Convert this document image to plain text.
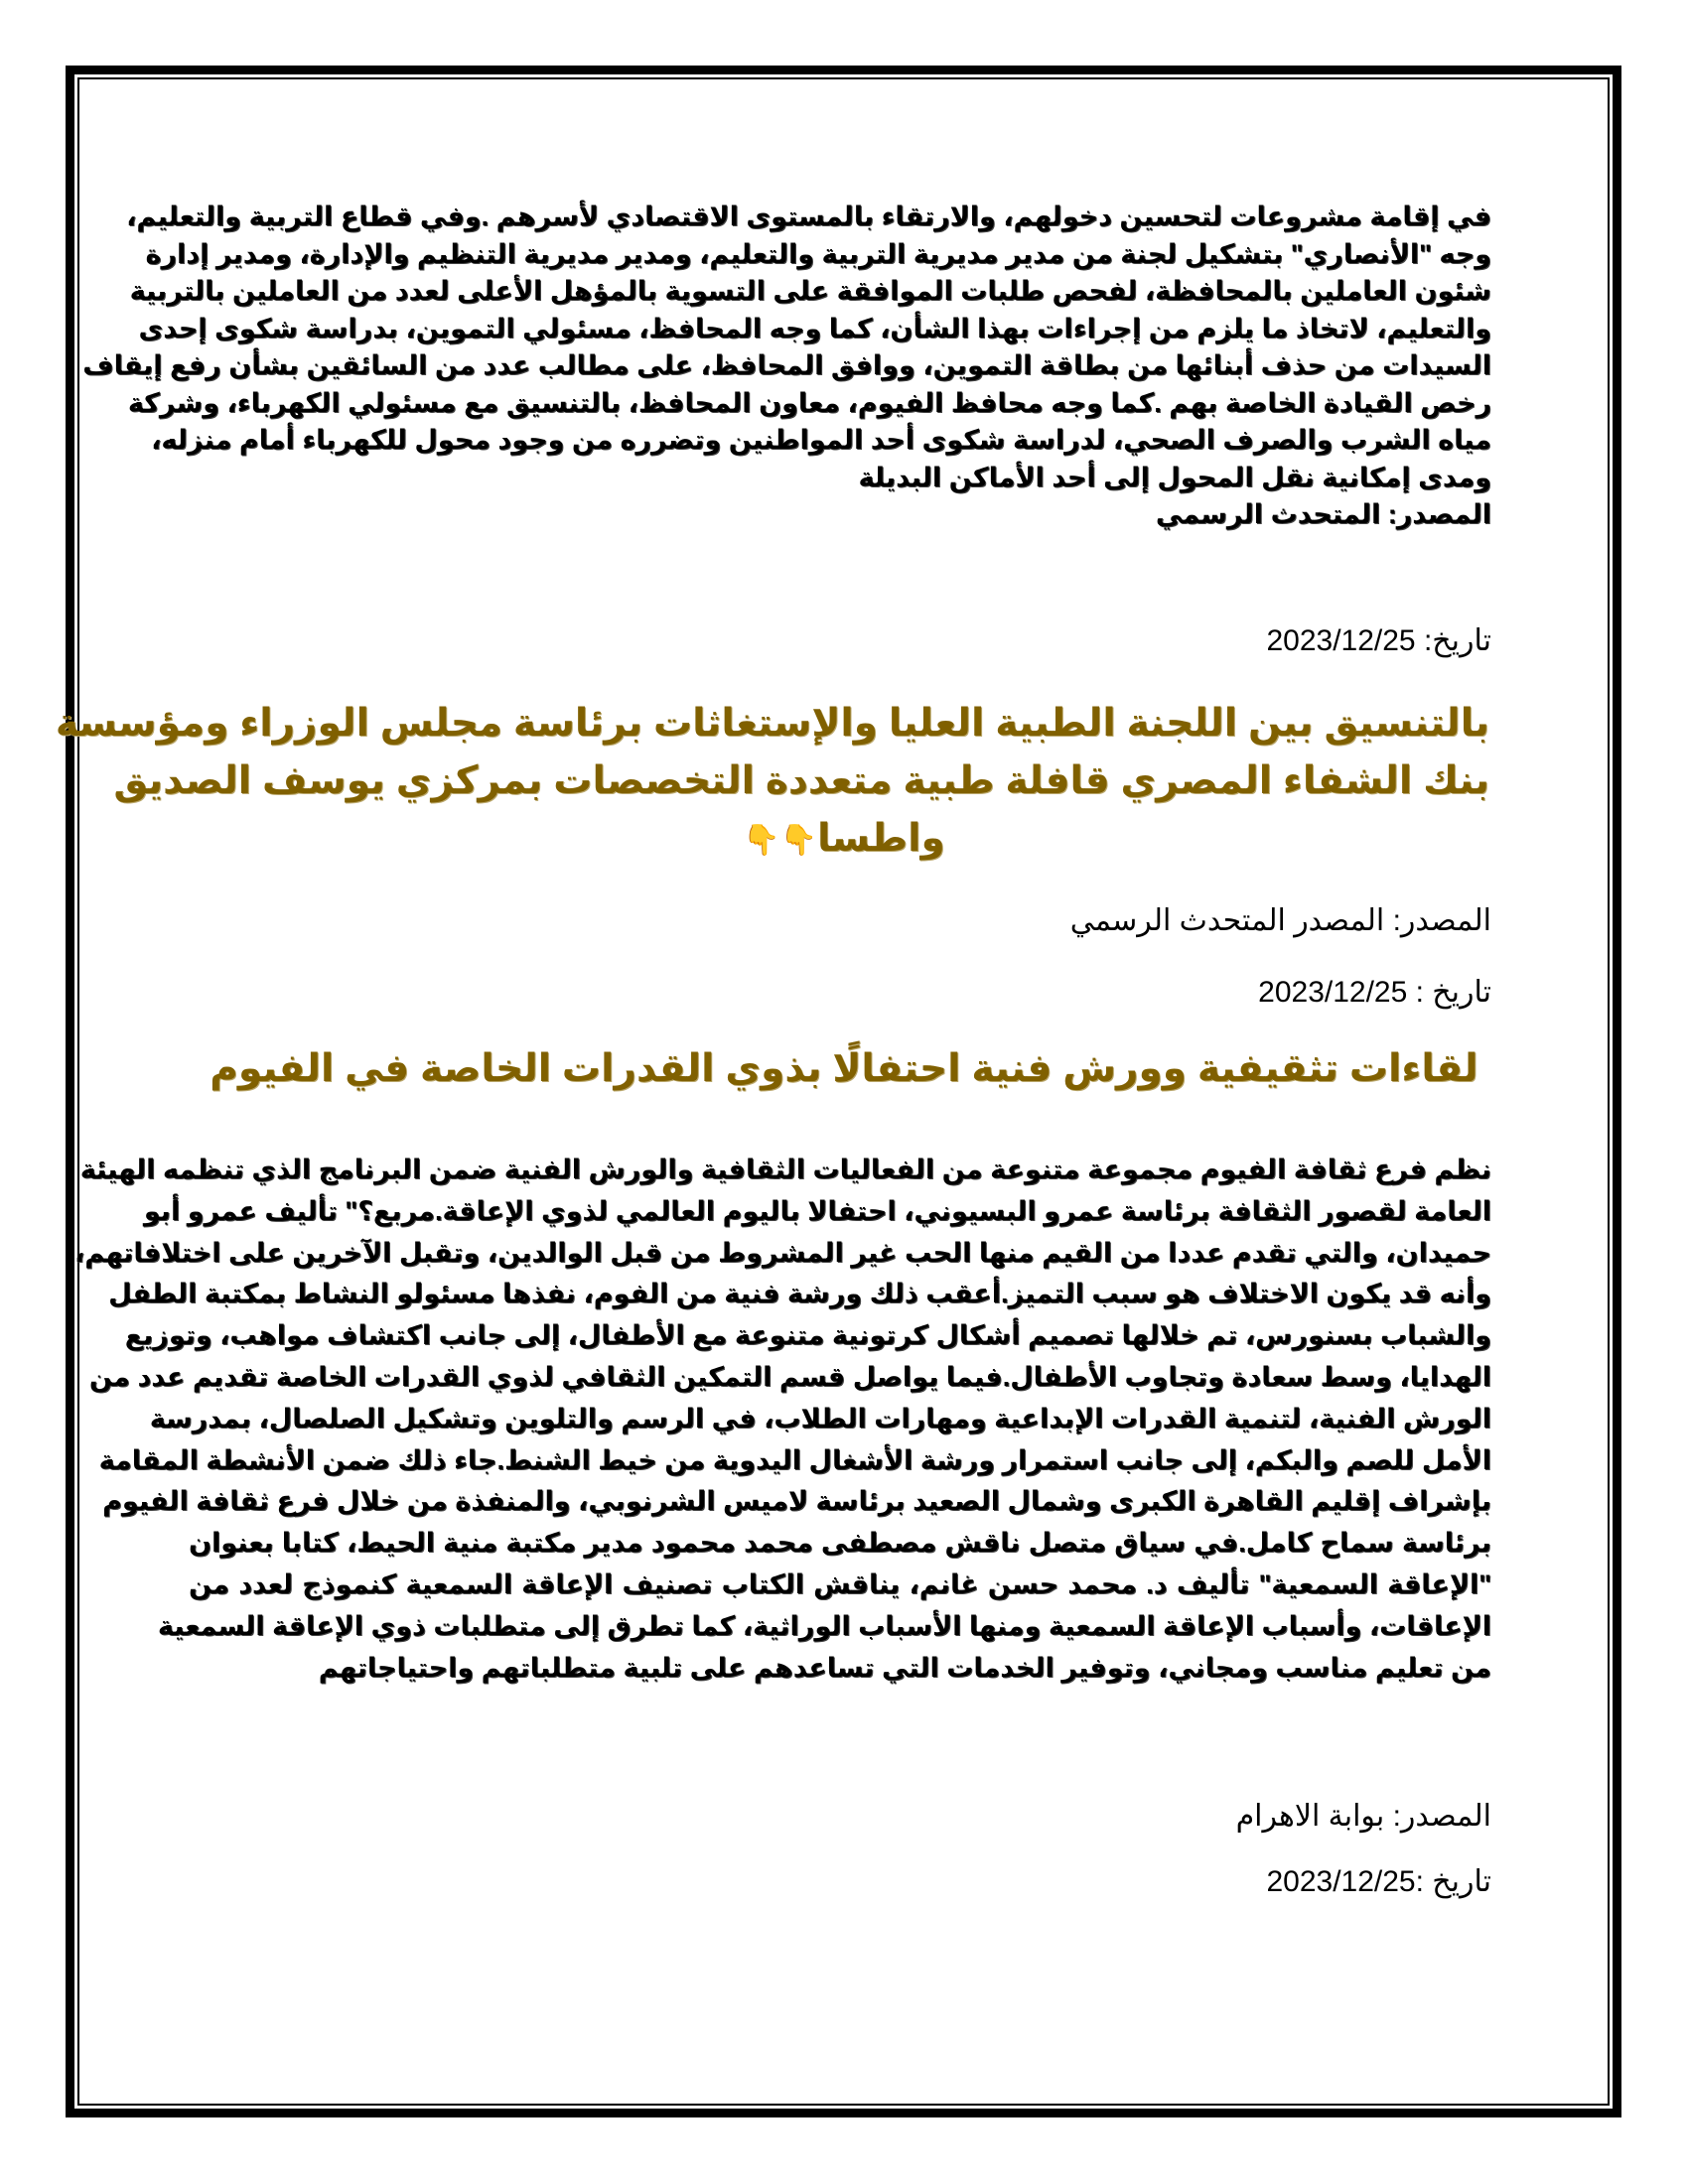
في إقامة مشروعات لتحسين دخولهم، والارتقاء بالمستوى الاقتصادي لأسرهم .وفي قطاع التربية والتعليم،
وجه "الأنصاري" بتشكيل لجنة من مدير مديرية التربية والتعليم، ومدير مديرية التنظيم والإدارة، ومدير إدارة
شئون العاملين بالمحافظة، لفحص طلبات الموافقة على التسوية بالمؤهل الأعلى لعدد من العاملين بالتربية
والتعليم، لاتخاذ ما يلزم من إجراءات بهذا الشأن، كما وجه المحافظ، مسئولي التموين، بدراسة شكوى إحدى
السيدات من حذف أبنائها من بطاقة التموين، ووافق المحافظ، على مطالب عدد من السائقين بشأن رفع إيقاف
رخص القيادة الخاصة بهم .كما وجه محافظ الفيوم، معاون المحافظ، بالتنسيق مع مسئولي الكهرباء، وشركة
مياه الشرب والصرف الصحي، لدراسة شكوى أحد المواطنين وتضرره من وجود محول للكهرباء أمام منزله،
ومدى إمكانية نقل المحول إلى أحد الأماكن البديلة
المصدر: المتحدث الرسمي
تاريخ: 2023/12/25
بالتنسيق بين اللجنة الطبية العليا والإستغاثات برئاسة مجلس الوزراء ومؤسسة
بنك الشفاء المصري قافلة طبية متعددة التخصصات بمركزي يوسف الصديق
واطسا👇👇
المصدر: المصدر المتحدث الرسمي
تاريخ : 2023/12/25
لقاءات تثقيفية وورش فنية احتفالًا بذوي القدرات الخاصة في الفيوم
نظم فرع ثقافة الفيوم مجموعة متنوعة من الفعاليات الثقافية والورش الفنية ضمن البرنامج الذي تنظمه الهيئة
العامة لقصور الثقافة برئاسة عمرو البسيوني، احتفالا باليوم العالمي لذوي الإعاقة.مربع؟" تأليف عمرو أبو
حميدان، والتي تقدم عددا من القيم منها الحب غير المشروط من قبل الوالدين، وتقبل الآخرين على اختلافاتهم،
وأنه قد يكون الاختلاف هو سبب التميز.أعقب ذلك ورشة فنية من الفوم، نفذها مسئولو النشاط بمكتبة الطفل
والشباب بسنورس، تم خلالها تصميم أشكال كرتونية متنوعة مع الأطفال، إلى جانب اكتشاف مواهب، وتوزيع
الهدايا، وسط سعادة وتجاوب الأطفال.فيما يواصل قسم التمكين الثقافي لذوي القدرات الخاصة تقديم عدد من
الورش الفنية، لتنمية القدرات الإبداعية ومهارات الطلاب، في الرسم والتلوين وتشكيل الصلصال، بمدرسة
الأمل للصم والبكم، إلى جانب استمرار ورشة الأشغال اليدوية من خيط الشنط.جاء ذلك ضمن الأنشطة المقامة
بإشراف إقليم القاهرة الكبرى وشمال الصعيد برئاسة لاميس الشرنوبي، والمنفذة من خلال فرع ثقافة الفيوم
برئاسة سماح كامل.في سياق متصل ناقش مصطفى محمد محمود مدير مكتبة منية الحيط، كتابا بعنوان
"الإعاقة السمعية" تأليف د. محمد حسن غانم، يناقش الكتاب تصنيف الإعاقة السمعية كنموذج لعدد من
الإعاقات، وأسباب الإعاقة السمعية ومنها الأسباب الوراثية، كما تطرق إلى متطلبات ذوي الإعاقة السمعية
من تعليم مناسب ومجاني، وتوفير الخدمات التي تساعدهم على تلبية متطلباتهم واحتياجاتهم
المصدر: بوابة الاهرام
تاريخ :2023/12/25
